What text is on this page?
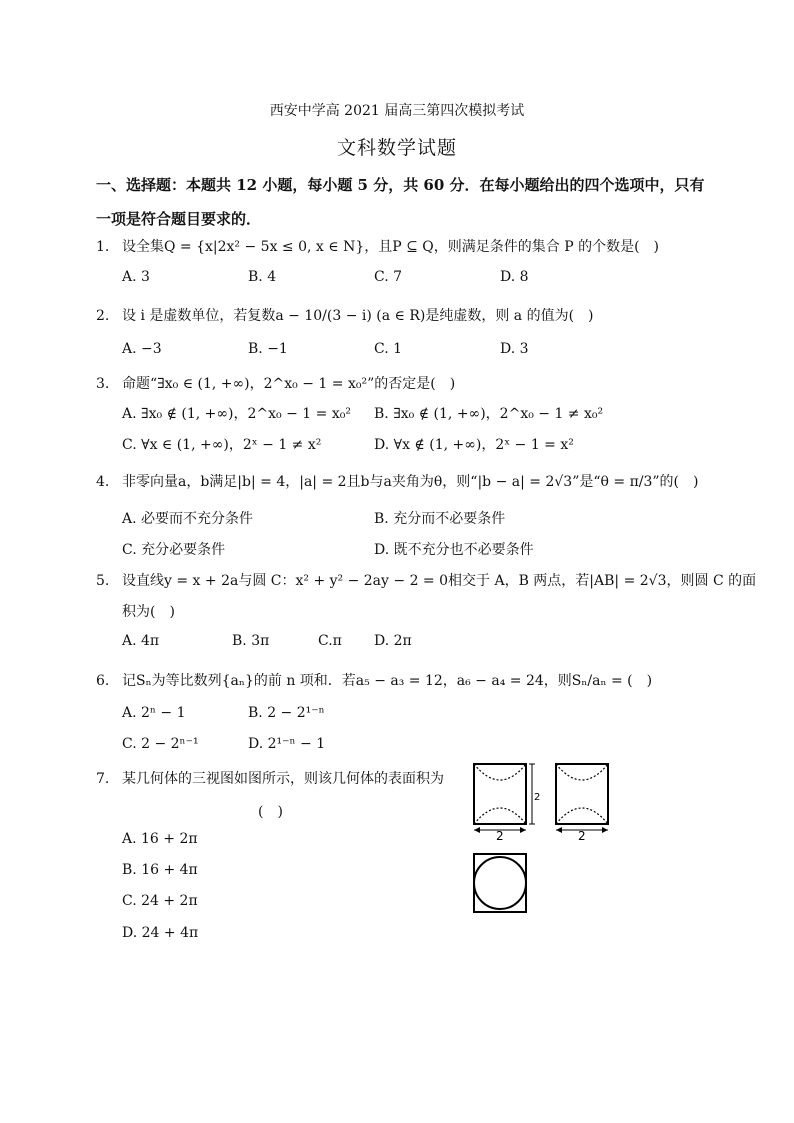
西安中学高 2021 届高三第四次模拟考试
文科数学试题
一、选择题：本题共 12 小题，每小题 5 分，共 60 分．在每小题给出的四个选项中，只有一项是符合题目要求的．
1. 设全集Q = {x|2x² − 5x ≤ 0, x ∈ N}，且P ⊆ Q，则满足条件的集合 P 的个数是(　)
A. 3	B. 4	C. 7	D. 8
2. 设 i 是虚数单位，若复数a − 10/(3 − i) (a ∈ R)是纯虚数，则 a 的值为(　)
A. −3	B. −1	C. 1	D. 3
3. 命题“∃x₀ ∈ (1, +∞)，2^x₀ − 1 = x₀²”的否定是(　)
A. ∃x₀ ∉ (1, +∞)，2^x₀ − 1 = x₀² B. ∃x₀ ∉ (1, +∞)，2^x₀ − 1 ≠ x₀²
C. ∀x ∈ (1, +∞)，2ˣ − 1 ≠ x²	D. ∀x ∉ (1, +∞)，2ˣ − 1 = x²
4. 非零向量a，b满足|b| = 4，|a| = 2且b与a夹角为θ，则“|b − a| = 2√3”是“θ = π/3”的(　)
A. 必要而不充分条件	B. 充分而不必要条件
C. 充分必要条件	D. 既不充分也不必要条件
5. 设直线y = x + 2a与圆 C：x² + y² − 2ay − 2 = 0相交于 A，B 两点，若|AB| = 2√3，则圆 C 的面
积为(　)
A. 4π	B. 3π	C.π D. 2π
6. 记Sₙ为等比数列{aₙ}的前 n 项和．若a₅ − a₃ = 12，a₆ − a₄ = 24，则Sₙ/aₙ = (　)
A. 2ⁿ − 1	B. 2 − 2¹⁻ⁿ
C. 2 − 2ⁿ⁻¹	D. 2¹⁻ⁿ − 1
7. 某几何体的三视图如图所示，则该几何体的表面积为
(　)
A. 16 + 2π
B. 16 + 4π
C. 24 + 2π
D. 24 + 4π
2
2	2
